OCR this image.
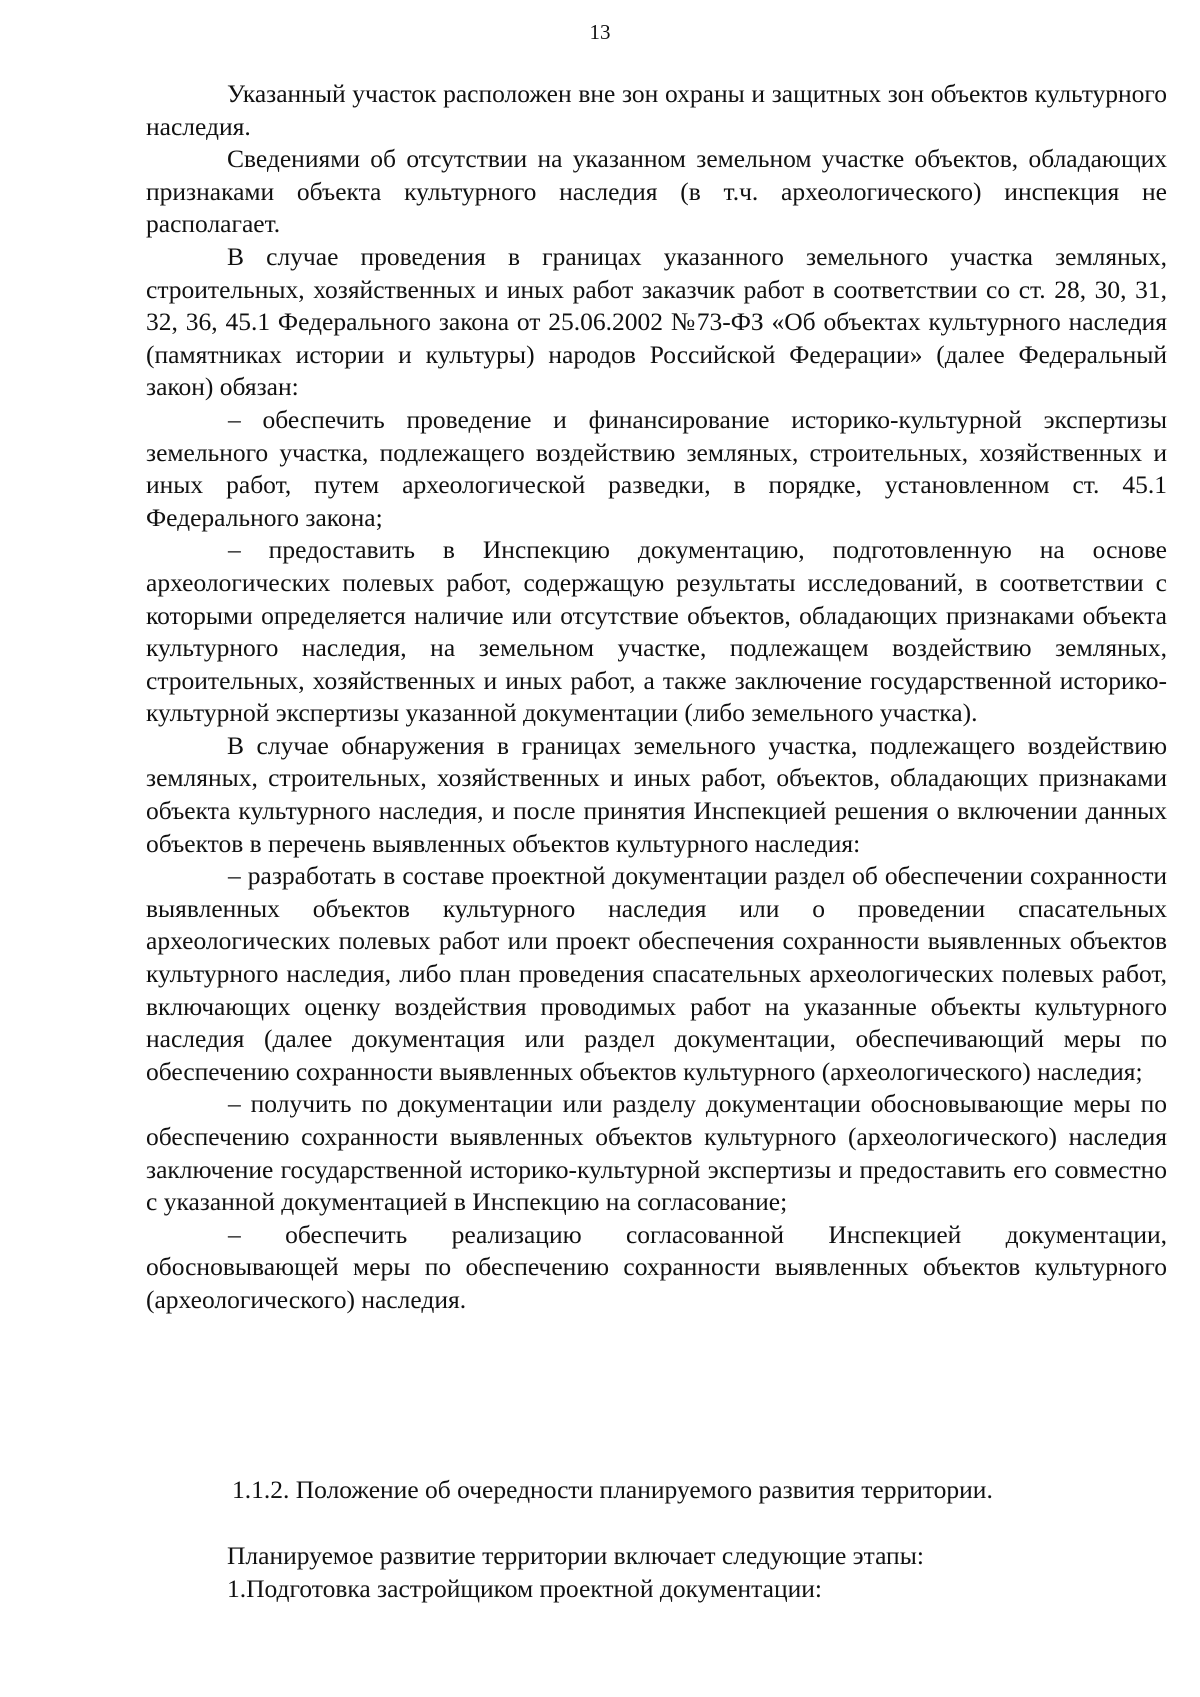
13

Указанный участок расположен вне зон охраны и защитных зон объектов культурного наследия.

Сведениями об отсутствии на указанном земельном участке объектов, обладающих признаками объекта культурного наследия (в т.ч. археологического) инспекция не располагает.

В случае проведения в границах указанного земельного участка земляных, строительных, хозяйственных и иных работ заказчик работ в соответствии со ст. 28, 30, 31, 32, 36, 45.1 Федерального закона от 25.06.2002 №73-ФЗ «Об объектах культурного наследия (памятниках истории и культуры) народов Российской Федерации» (далее Федеральный закон) обязан:

– обеспечить проведение и финансирование историко-культурной экспертизы земельного участка, подлежащего воздействию земляных, строительных, хозяйственных и иных работ, путем археологической разведки, в порядке, установленном ст. 45.1 Федерального закона;

– предоставить в Инспекцию документацию, подготовленную на основе археологических полевых работ, содержащую результаты исследований, в соответствии с которыми определяется наличие или отсутствие объектов, обладающих признаками объекта культурного наследия, на земельном участке, подлежащем воздействию земляных, строительных, хозяйственных и иных работ, а также заключение государственной историко-культурной экспертизы указанной документации (либо земельного участка).

В случае обнаружения в границах земельного участка, подлежащего воздействию земляных, строительных, хозяйственных и иных работ, объектов, обладающих признаками объекта культурного наследия, и после принятия Инспекцией решения о включении данных объектов в перечень выявленных объектов культурного наследия:

– разработать в составе проектной документации раздел об обеспечении сохранности выявленных объектов культурного наследия или о проведении спасательных археологических полевых работ или проект обеспечения сохранности выявленных объектов культурного наследия, либо план проведения спасательных археологических полевых работ, включающих оценку воздействия проводимых работ на указанные объекты культурного наследия (далее документация или раздел документации, обеспечивающий меры по обеспечению сохранности выявленных объектов культурного (археологического) наследия;

– получить по документации или разделу документации обосновывающие меры по обеспечению сохранности выявленных объектов культурного (археологического) наследия заключение государственной историко-культурной экспертизы и предоставить его совместно с указанной документацией в Инспекцию на согласование;

– обеспечить реализацию согласованной Инспекцией документации, обосновывающей меры по обеспечению сохранности выявленных объектов культурного (археологического) наследия.

1.1.2. Положение об очередности планируемого развития территории.

Планируемое развитие территории включает следующие этапы:

1.Подготовка застройщиком проектной документации:
